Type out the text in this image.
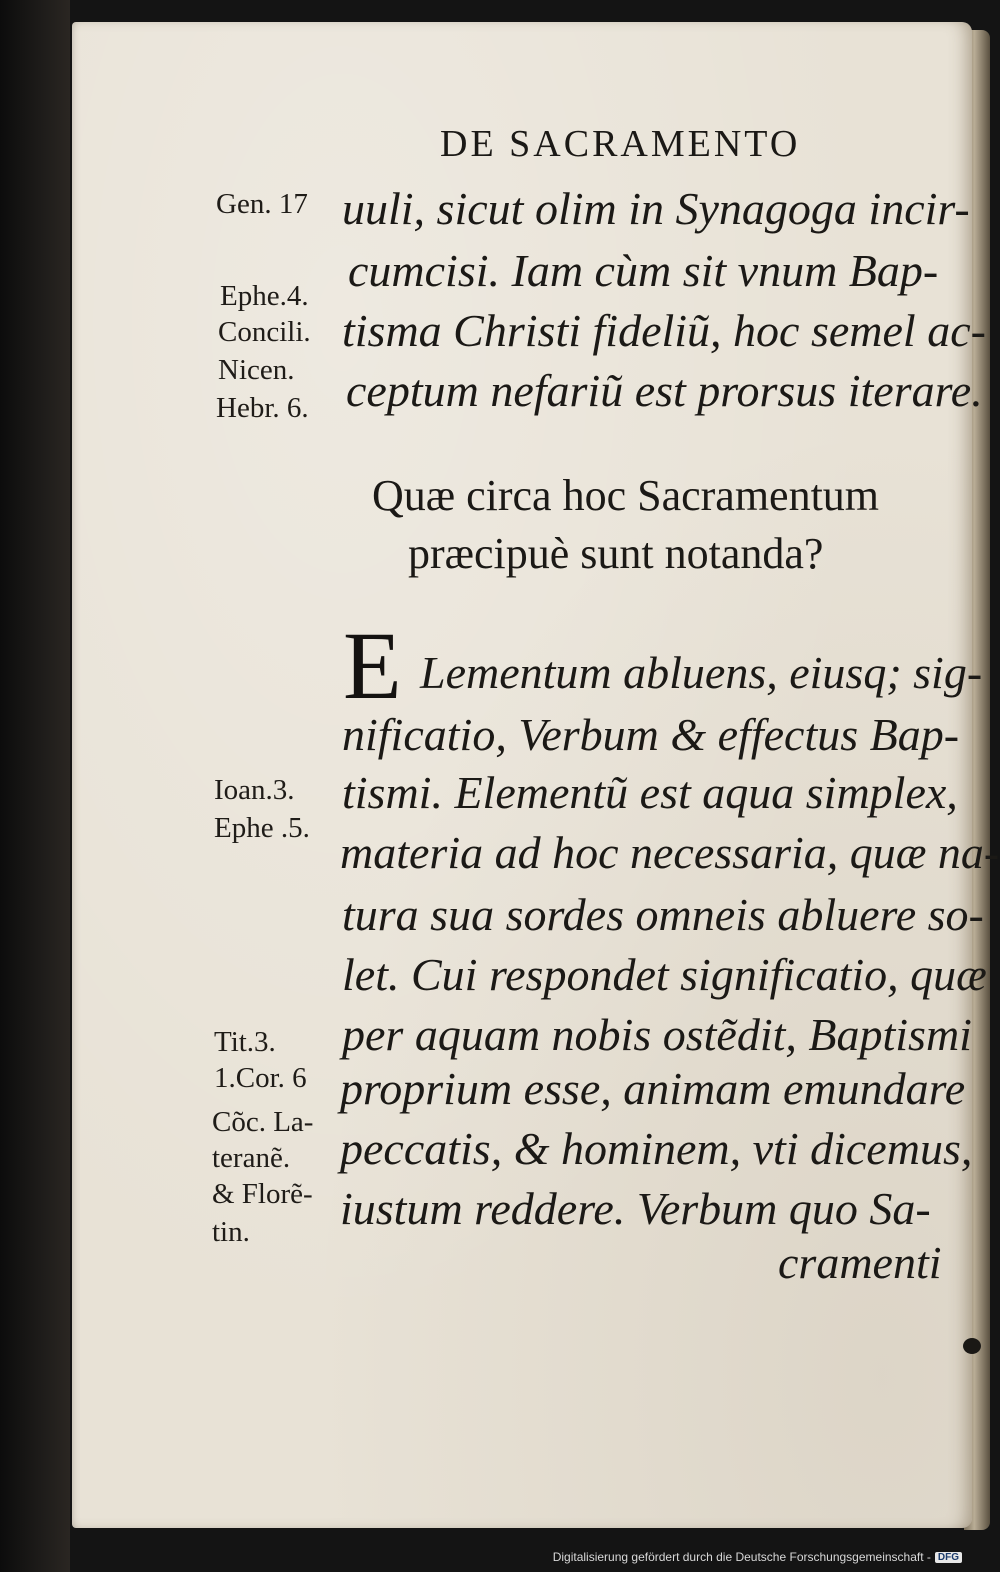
DE SACRAMENTO
Gen. 17
Ephe.4.
Concili.
Nicen.
Hebr. 6.
Ioan.3.
Ephe .5.
Tit.3.
1.Cor. 6
Cõc. La-
teranẽ.
& Florẽ-
tin.
uuli, sicut olim in Synagoga incir-
cumcisi. Iam cùm sit vnum Bap-
tisma Christi fideliũ, hoc semel ac-
ceptum nefariũ est prorsus iterare.
Quæ circa hoc Sacramentum
præcipuè sunt notanda?
E Lementum abluens, eiusq; sig-
nificatio, Verbum & effectus Bap-
tismi. Elementũ est aqua simplex,
materia ad hoc necessaria, quæ na-
tura sua sordes omneis abluere so-
let. Cui respondet significatio, quæ
per aquam nobis ostẽdit, Baptismi
proprium esse, animam emundare
peccatis, & hominem, vti dicemus,
iustum reddere. Verbum quo Sa-
cramenti
Digitalisierung gefördert durch die Deutsche Forschungsgemeinschaft - DFG
